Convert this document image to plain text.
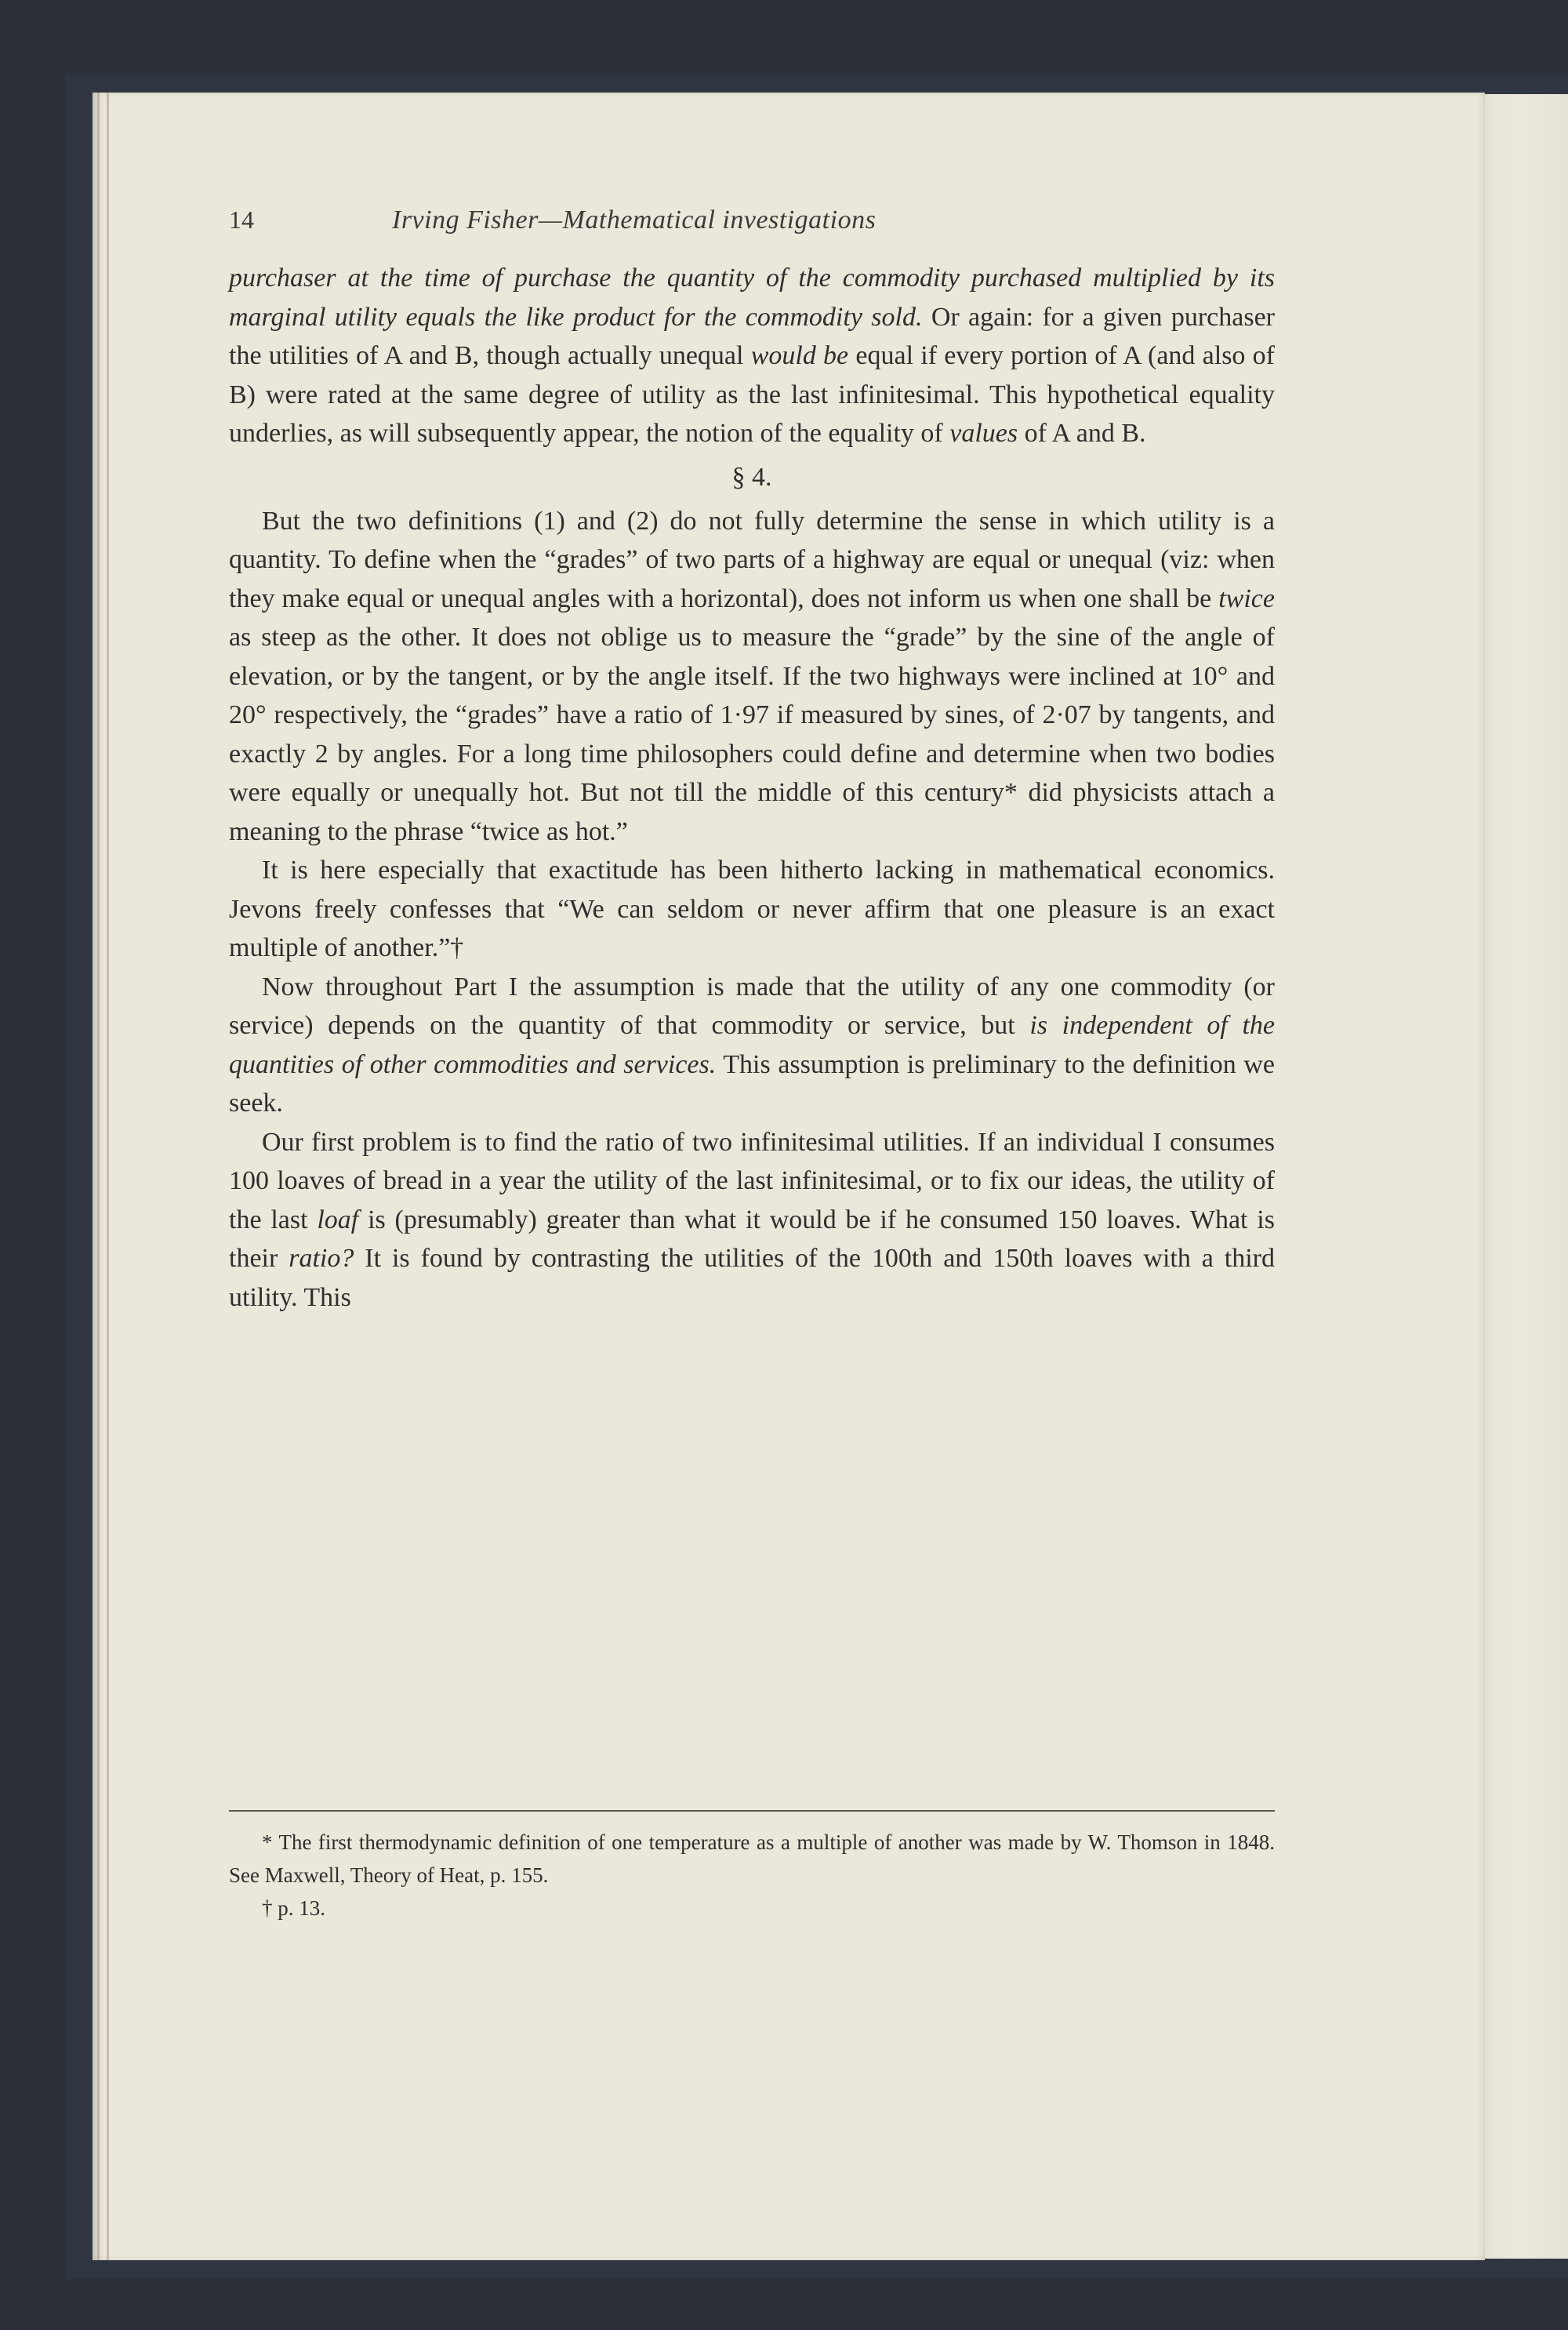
14	Irving Fisher—Mathematical investigations

purchaser at the time of purchase the quantity of the commodity purchased multiplied by its marginal utility equals the like product for the commodity sold. Or again: for a given purchaser the utilities of A and B, though actually unequal would be equal if every portion of A (and also of B) were rated at the same degree of utility as the last infinitesimal. This hypothetical equality underlies, as will subsequently appear, the notion of the equality of values of A and B.

§ 4.

But the two definitions (1) and (2) do not fully determine the sense in which utility is a quantity. To define when the “grades” of two parts of a highway are equal or unequal (viz: when they make equal or unequal angles with a horizontal), does not inform us when one shall be twice as steep as the other. It does not oblige us to measure the “grade” by the sine of the angle of elevation, or by the tangent, or by the angle itself. If the two highways were inclined at 10° and 20° respectively, the “grades” have a ratio of 1·97 if measured by sines, of 2·07 by tangents, and exactly 2 by angles. For a long time philosophers could define and determine when two bodies were equally or unequally hot. But not till the middle of this century* did physicists attach a meaning to the phrase “twice as hot.”

It is here especially that exactitude has been hitherto lacking in mathematical economics. Jevons freely confesses that “We can seldom or never affirm that one pleasure is an exact multiple of another.”†

Now throughout Part I the assumption is made that the utility of any one commodity (or service) depends on the quantity of that commodity or service, but is independent of the quantities of other commodities and services. This assumption is preliminary to the definition we seek.

Our first problem is to find the ratio of two infinitesimal utilities. If an individual I consumes 100 loaves of bread in a year the utility of the last infinitesimal, or to fix our ideas, the utility of the last loaf is (presumably) greater than what it would be if he consumed 150 loaves. What is their ratio? It is found by contrasting the utilities of the 100th and 150th loaves with a third utility. This

* The first thermodynamic definition of one temperature as a multiple of another was made by W. Thomson in 1848. See Maxwell, Theory of Heat, p. 155.

† p. 13.
